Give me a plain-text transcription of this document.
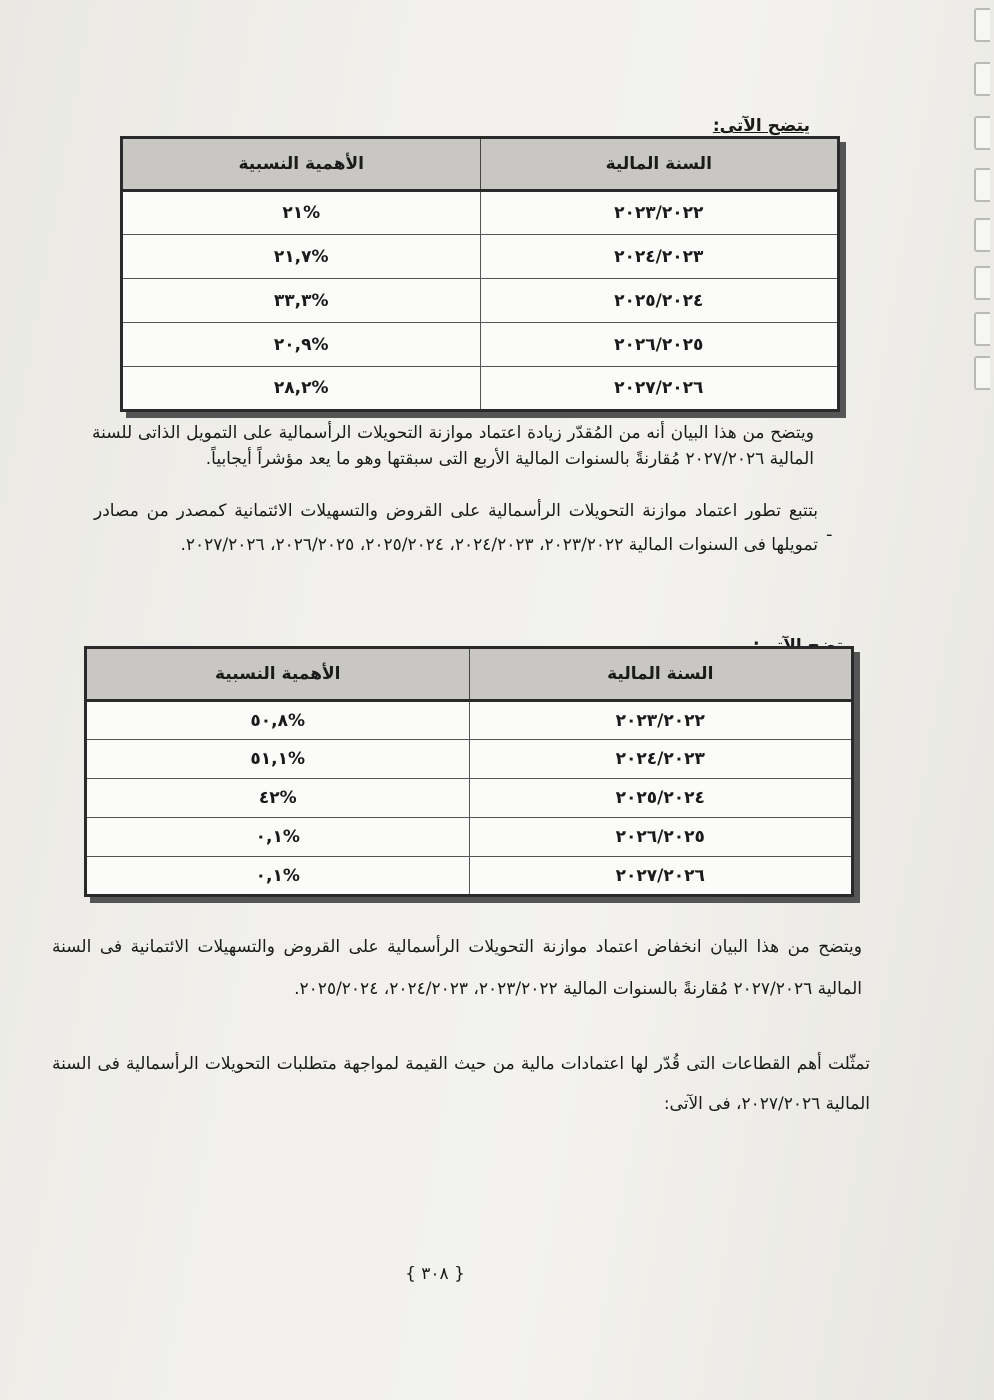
يتضح الآتى:
السنة المالية	الأهمية النسبية
٢٠٢٣/٢٠٢٢	%٢١
٢٠٢٤/٢٠٢٣	%٢١,٧
٢٠٢٥/٢٠٢٤	%٣٣,٣
٢٠٢٦/٢٠٢٥	%٢٠,٩
٢٠٢٧/٢٠٢٦	%٢٨,٢
ويتضح من هذا البيان أنه من المُقدّر زيادة اعتماد موازنة التحويلات الرأسمالية على التمويل الذاتى للسنة المالية ٢٠٢٧/٢٠٢٦ مُقارنةً بالسنوات المالية الأربع التى سبقتها وهو ما يعد مؤشراً أيجابياً.
-
بتتبع تطور اعتماد موازنة التحويلات الرأسمالية على القروض والتسهيلات الائتمانية كمصدر من مصادر تمويلها فى السنوات المالية ٢٠٢٣/٢٠٢٢، ٢٠٢٤/٢٠٢٣، ٢٠٢٥/٢٠٢٤، ٢٠٢٦/٢٠٢٥، ٢٠٢٧/٢٠٢٦.
السنة المالية	الأهمية النسبية
٢٠٢٣/٢٠٢٢	%٥٠,٨
٢٠٢٤/٢٠٢٣	%٥١,١
٢٠٢٥/٢٠٢٤	%٤٢
٢٠٢٦/٢٠٢٥	%٠,١
٢٠٢٧/٢٠٢٦	%٠,١
ويتضح من هذا البيان انخفاض اعتماد موازنة التحويلات الرأسمالية على القروض والتسهيلات الائتمانية فى السنة المالية ٢٠٢٧/٢٠٢٦ مُقارنةً بالسنوات المالية ٢٠٢٣/٢٠٢٢، ٢٠٢٤/٢٠٢٣، ٢٠٢٥/٢٠٢٤.
تمثّلت أهم القطاعات التى قُدّر لها اعتمادات مالية من حيث القيمة لمواجهة متطلبات التحويلات الرأسمالية فى السنة المالية ٢٠٢٧/٢٠٢٦، فى الآتى:
{ ٣٠٨ }
